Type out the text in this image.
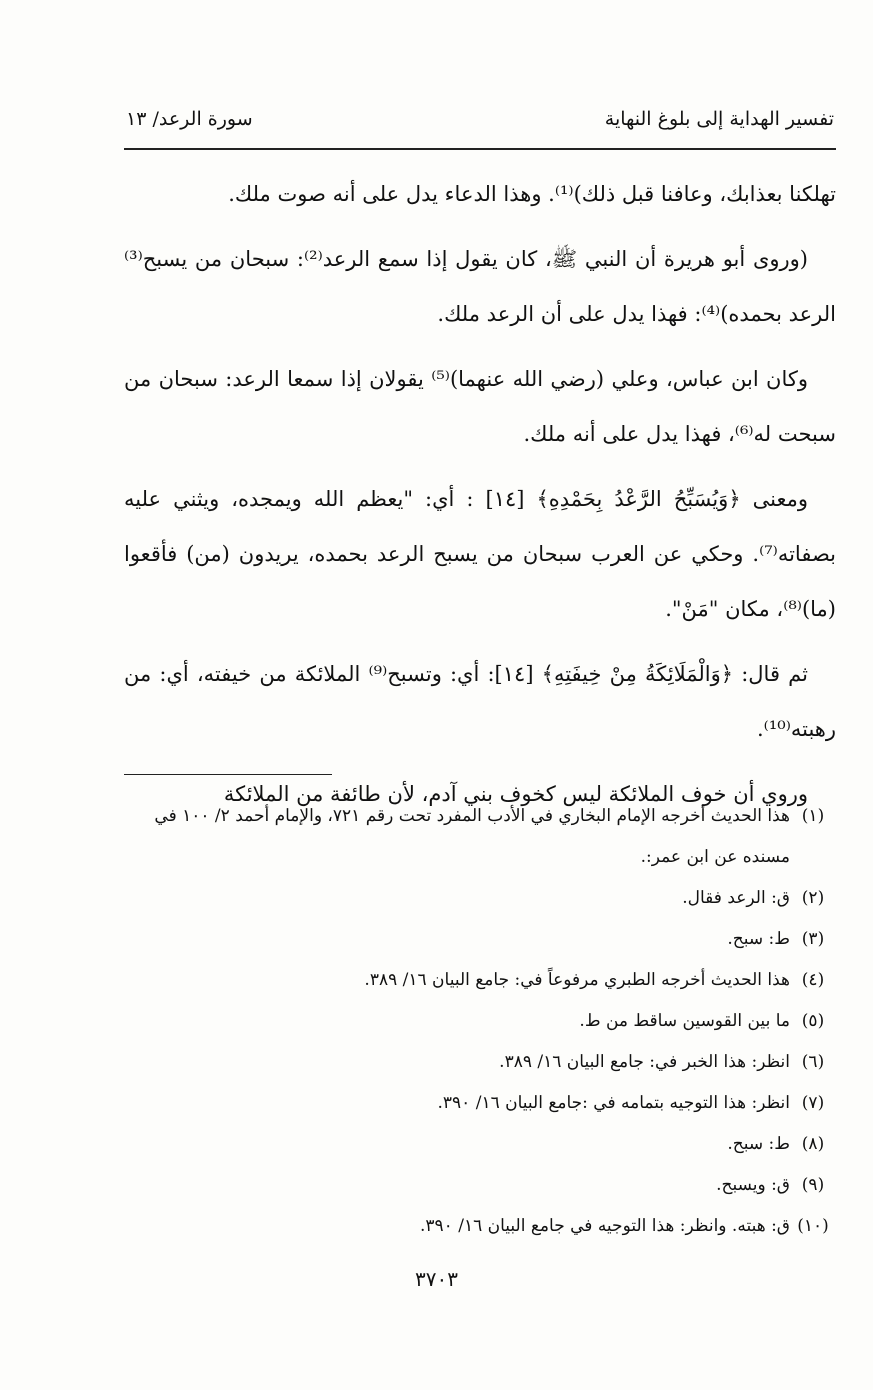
تفسير الهداية إلى بلوغ النهاية
سورة الرعد/ ١٣

تهلكنا بعذابك، وعافنا قبل ذلك)⁽¹⁾. وهذا الدعاء يدل على أنه صوت ملك.

(وروى أبو هريرة أن النبي ﷺ، كان يقول إذا سمع الرعد⁽²⁾: سبحان من يسبح⁽³⁾ الرعد بحمده)⁽⁴⁾: فهذا يدل على أن الرعد ملك.

وكان ابن عباس، وعلي (رضي الله عنهما)⁽⁵⁾ يقولان إذا سمعا الرعد: سبحان من سبحت له⁽⁶⁾، فهذا يدل على أنه ملك.

ومعنى ﴿وَيُسَبِّحُ الرَّعْدُ بِحَمْدِهِ﴾ [١٤] : أي: "يعظم الله ويمجده، ويثني عليه بصفاته⁽⁷⁾. وحكي عن العرب سبحان من يسبح الرعد بحمده، يريدون (من) فأقعوا (ما)⁽⁸⁾، مكان "مَنْ".

ثم قال: ﴿وَالْمَلَائِكَةُ مِنْ خِيفَتِهِ﴾ [١٤]: أي: وتسبح⁽⁹⁾ الملائكة من خيفته، أي: من رهبته⁽¹⁰⁾.

وروي أن خوف الملائكة ليس كخوف بني آدم، لأن طائفة من الملائكة

(١)
هذا الحديث أخرجه الإمام البخاري في الأدب المفرد تحت رقم ٧٢١، والإمام أحمد ٢/ ١٠٠ في مسنده عن ابن عمر:.
(٢)
ق: الرعد فقال.
(٣)
ط: سبح.
(٤)
هذا الحديث أخرجه الطبري مرفوعاً في: جامع البيان ١٦/ ٣٨٩.
(٥)
ما بين القوسين ساقط من ط.
(٦)
انظر: هذا الخبر في: جامع البيان ١٦/ ٣٨٩.
(٧)
انظر: هذا التوجيه بتمامه في :جامع البيان ١٦/ ٣٩٠.
(٨)
ط: سبح.
(٩)
ق: ويسبح.
(١٠)
ق: هبته. وانظر: هذا التوجيه في جامع البيان ١٦/ ٣٩٠.
٣٧٠٣
